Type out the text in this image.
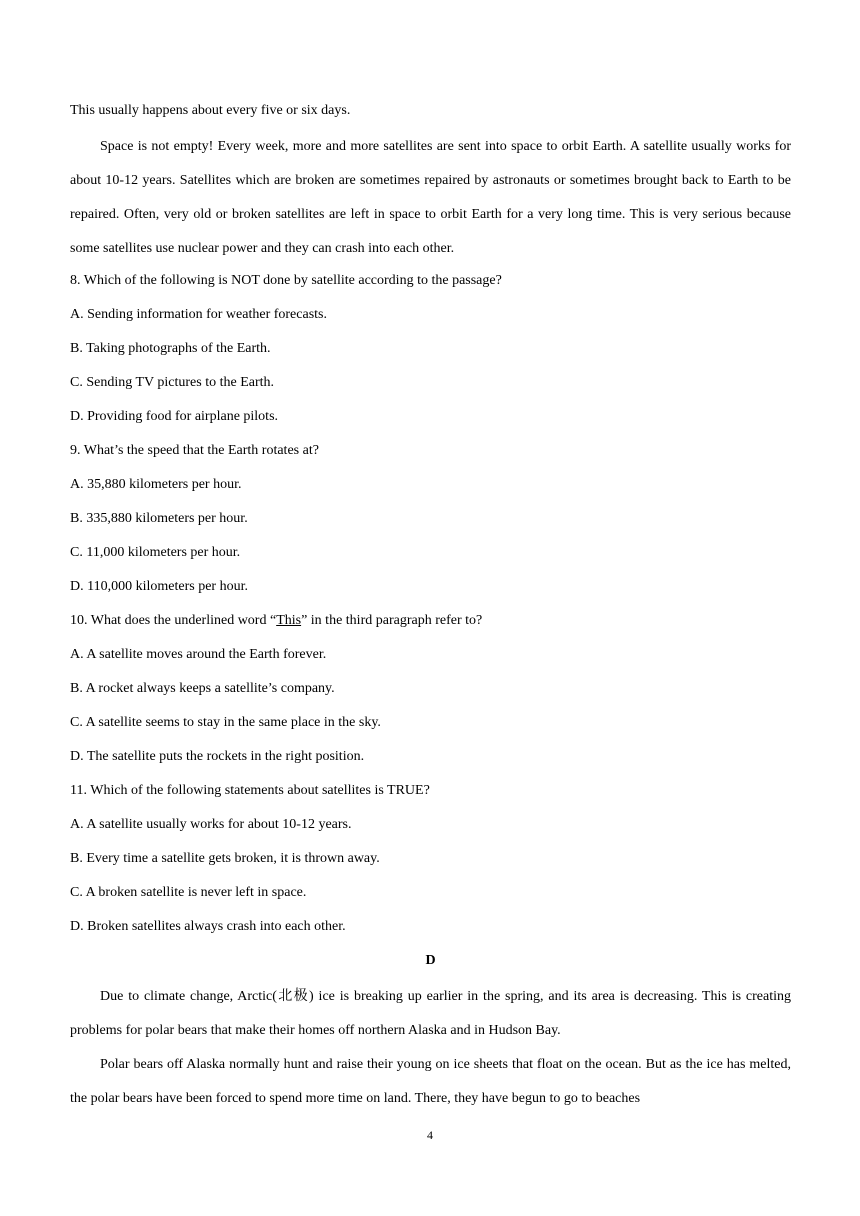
This usually happens about every five or six days.

Space is not empty! Every week, more and more satellites are sent into space to orbit Earth. A satellite usually works for about 10-12 years. Satellites which are broken are sometimes repaired by astronauts or sometimes brought back to Earth to be repaired. Often, very old or broken satellites are left in space to orbit Earth for a very long time. This is very serious because some satellites use nuclear power and they can crash into each other.

8. Which of the following is NOT done by satellite according to the passage?

A. Sending information for weather forecasts.

B. Taking photographs of the Earth.

C. Sending TV pictures to the Earth.

D. Providing food for airplane pilots.

9. What’s the speed that the Earth rotates at?

A. 35,880 kilometers per hour.

B. 335,880 kilometers per hour.

C. 11,000 kilometers per hour.

D. 110,000 kilometers per hour.

10. What does the underlined word “This” in the third paragraph refer to?

A. A satellite moves around the Earth forever.

B. A rocket always keeps a satellite’s company.

C. A satellite seems to stay in the same place in the sky.

D. The satellite puts the rockets in the right position.

11. Which of the following statements about satellites is TRUE?

A. A satellite usually works for about 10-12 years.

B. Every time a satellite gets broken, it is thrown away.

C. A broken satellite is never left in space.

D. Broken satellites always crash into each other.

D

Due to climate change, Arctic(北极) ice is breaking up earlier in the spring, and its area is decreasing. This is creating problems for polar bears that make their homes off northern Alaska and in Hudson Bay.

Polar bears off Alaska normally hunt and raise their young on ice sheets that float on the ocean. But as the ice has melted, the polar bears have been forced to spend more time on land. There, they have begun to go to beaches

4
